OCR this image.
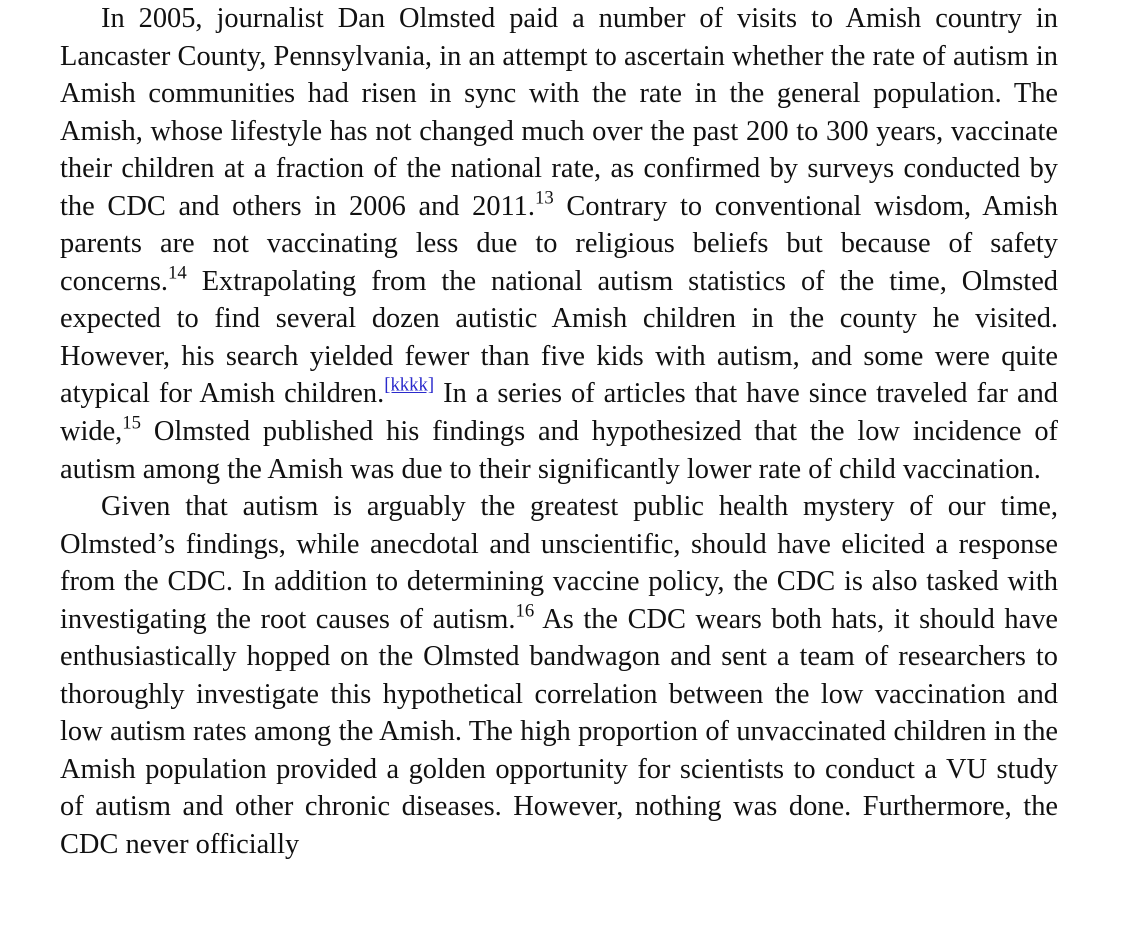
In 2005, journalist Dan Olmsted paid a number of visits to Amish country in Lancaster County, Pennsylvania, in an attempt to ascertain whether the rate of autism in Amish communities had risen in sync with the rate in the general population. The Amish, whose lifestyle has not changed much over the past 200 to 300 years, vaccinate their children at a fraction of the national rate, as confirmed by surveys conducted by the CDC and others in 2006 and 2011.13 Contrary to conventional wisdom, Amish parents are not vaccinating less due to religious beliefs but because of safety concerns.$^{14}$ Extrapolating from the national autism statistics of the time, Olmsted expected to find several dozen autistic Amish children in the county he visited. However, his search yielded fewer than five kids with autism, and some were quite atypical for Amish children.[kkkk] In a series of articles that have since traveled far and wide,$^{15}$ Olmsted published his findings and hypothesized that the low incidence of autism among the Amish was due to their significantly lower rate of child vaccination.

Given that autism is arguably the greatest public health mystery of our time, Olmsted’s findings, while anecdotal and unscientific, should have elicited a response from the CDC. In addition to determining vaccine policy, the CDC is also tasked with investigating the root causes of autism.$^{16}$ As the CDC wears both hats, it should have enthusiastically hopped on the Olmsted bandwagon and sent a team of researchers to thoroughly investigate this hypothetical correlation between the low vaccination and low autism rates among the Amish. The high proportion of unvaccinated children in the Amish population provided a golden opportunity for scientists to conduct a VU study of autism and other chronic diseases. However, nothing was done. Furthermore, the CDC never officially
